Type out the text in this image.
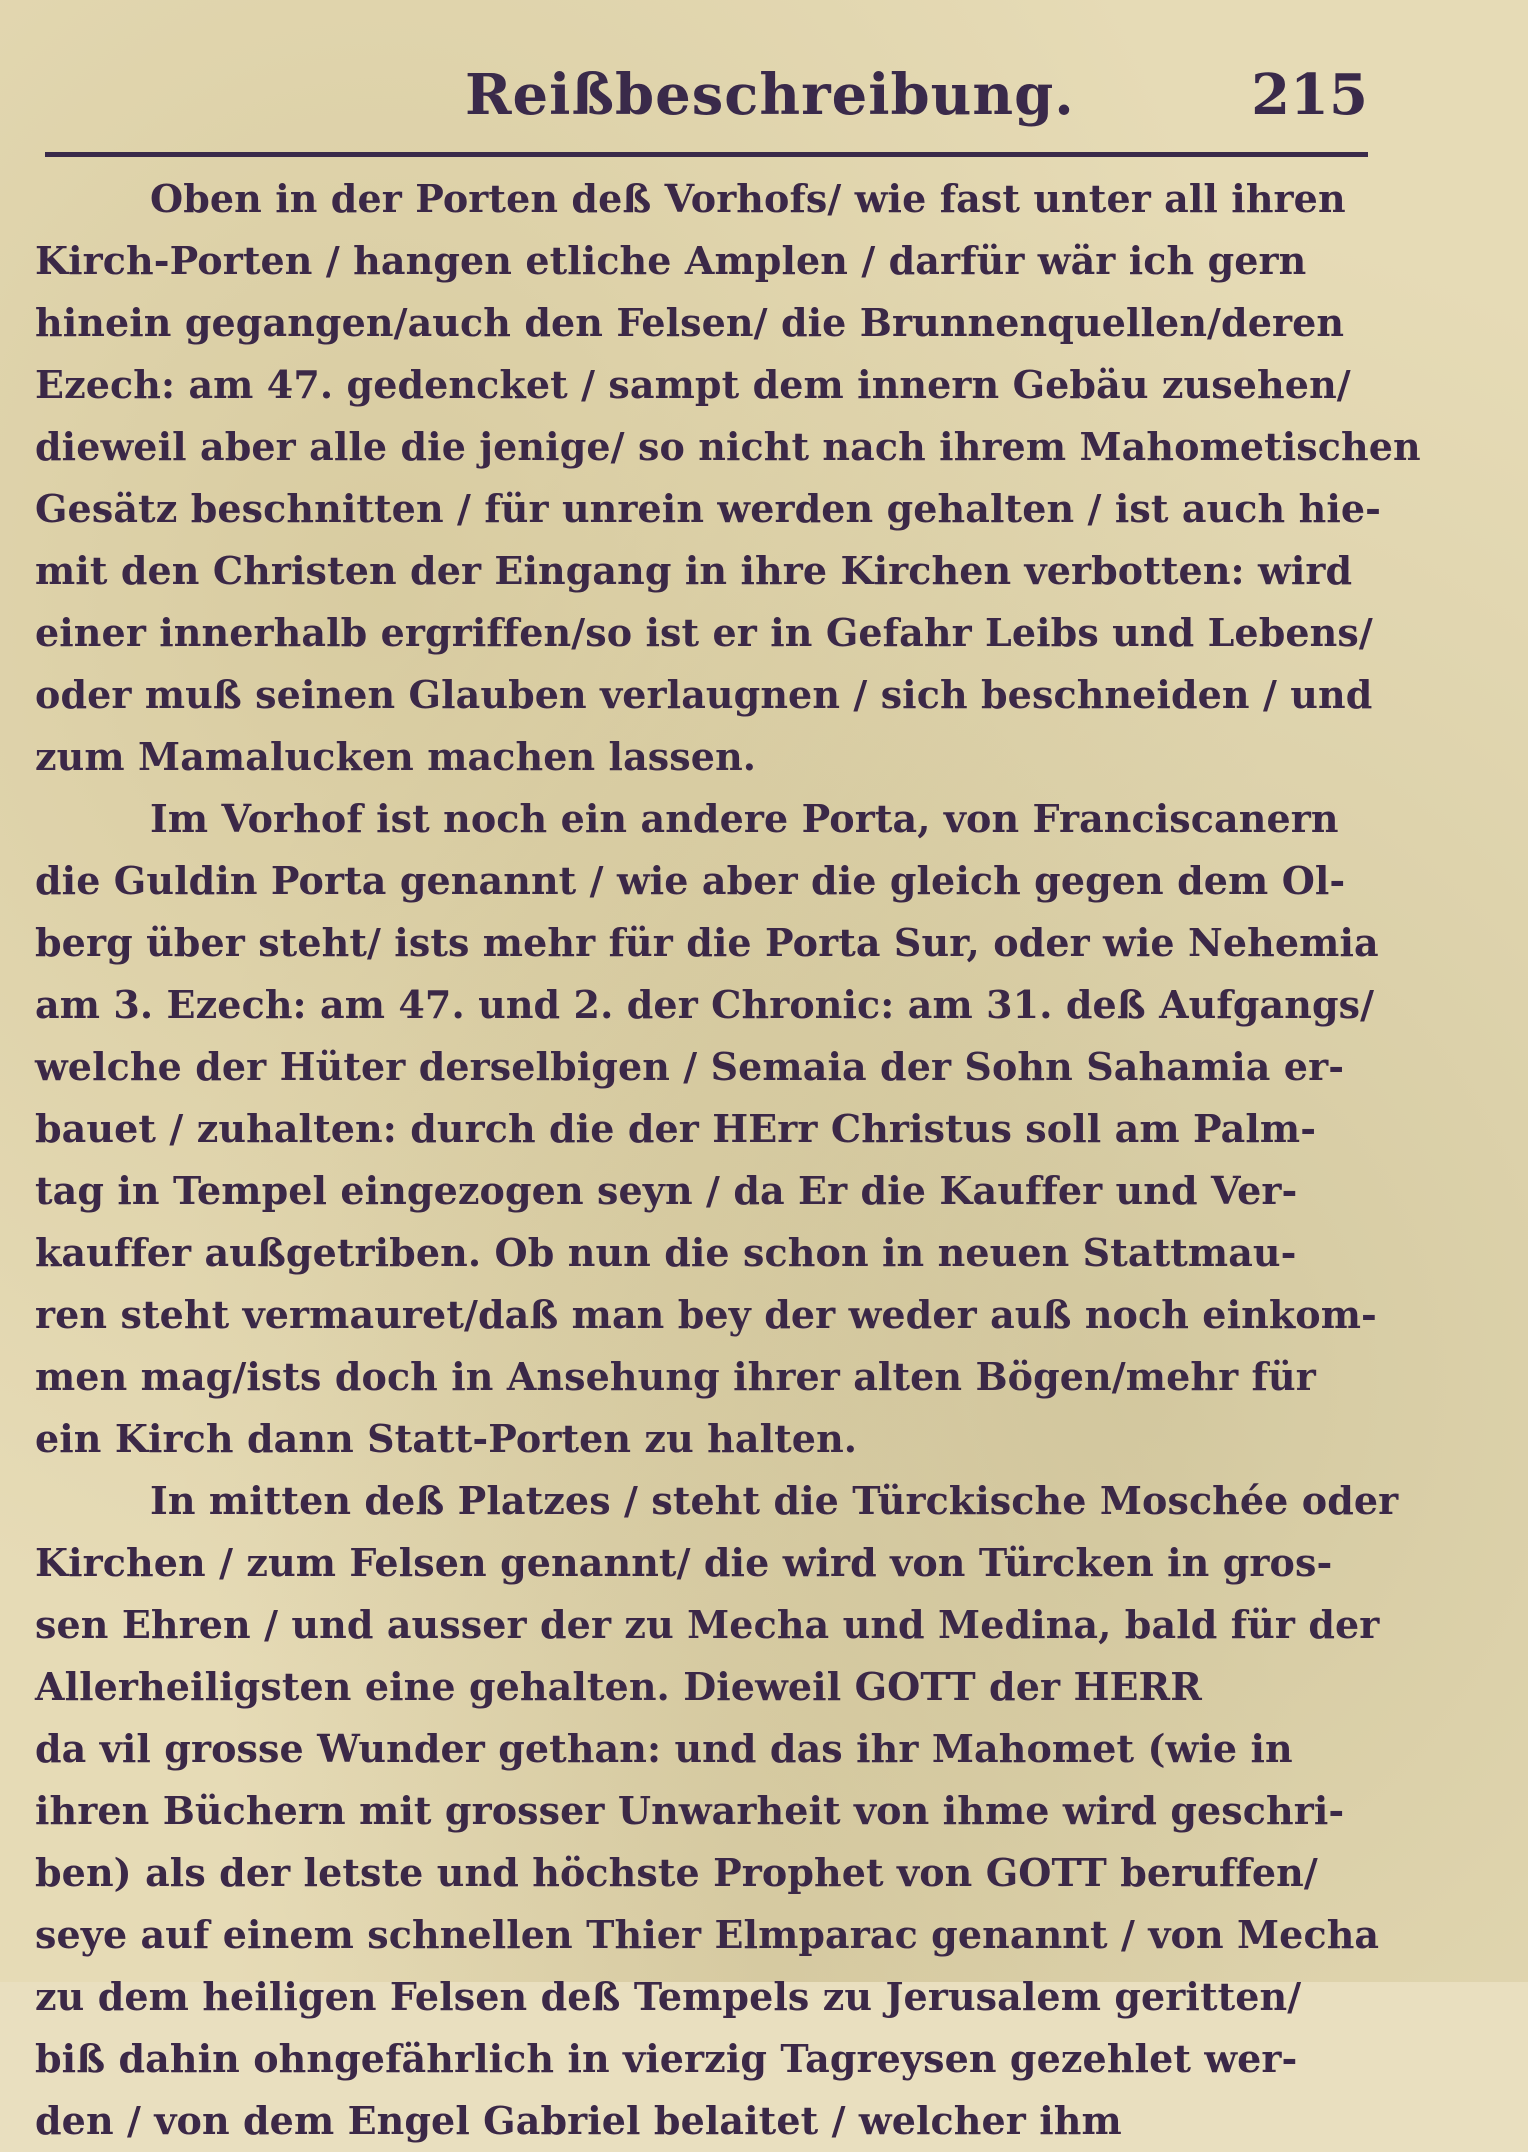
Reißbeschreibung.	215
Oben in der Porten deß Vorhofs/ wie fast unter all ihren
Kirch-Porten / hangen etliche Amplen / darfür wär ich gern
hinein gegangen/auch den Felsen/ die Brunnenquellen/deren
Ezech: am 47. gedencket / sampt dem innern Gebäu zusehen/
dieweil aber alle die jenige/ so nicht nach ihrem Mahometischen
Gesätz beschnitten / für unrein werden gehalten / ist auch hie-
mit den Christen der Eingang in ihre Kirchen verbotten: wird
einer innerhalb ergriffen/so ist er in Gefahr Leibs und Lebens/
oder muß seinen Glauben verlaugnen / sich beschneiden / und
zum Mamalucken machen lassen.
Im Vorhof ist noch ein andere Porta, von Franciscanern
die Guldin Porta genannt / wie aber die gleich gegen dem Ol-
berg über steht/ ists mehr für die Porta Sur, oder wie Nehemia
am 3. Ezech: am 47. und 2. der Chronic: am 31. deß Aufgangs/
welche der Hüter derselbigen / Semaia der Sohn Sahamia er-
bauet / zuhalten: durch die der HErr Christus soll am Palm-
tag in Tempel eingezogen seyn / da Er die Kauffer und Ver-
kauffer außgetriben. Ob nun die schon in neuen Stattmau-
ren steht vermauret/daß man bey der weder auß noch einkom-
men mag/ists doch in Ansehung ihrer alten Bögen/mehr für
ein Kirch dann Statt-Porten zu halten.
In mitten deß Platzes / steht die Türckische Moschée oder
Kirchen / zum Felsen genannt/ die wird von Türcken in gros-
sen Ehren / und ausser der zu Mecha und Medina, bald für der
Allerheiligsten eine gehalten. Dieweil GOTT der HERR
da vil grosse Wunder gethan: und das ihr Mahomet (wie in
ihren Büchern mit grosser Unwarheit von ihme wird geschri-
ben) als der letste und höchste Prophet von GOTT beruffen/
seye auf einem schnellen Thier Elmparac genannt / von Mecha
zu dem heiligen Felsen deß Tempels zu Jerusalem geritten/
biß dahin ohngefährlich in vierzig Tagreysen gezehlet wer-
den / von dem Engel Gabriel belaitet / welcher ihm
